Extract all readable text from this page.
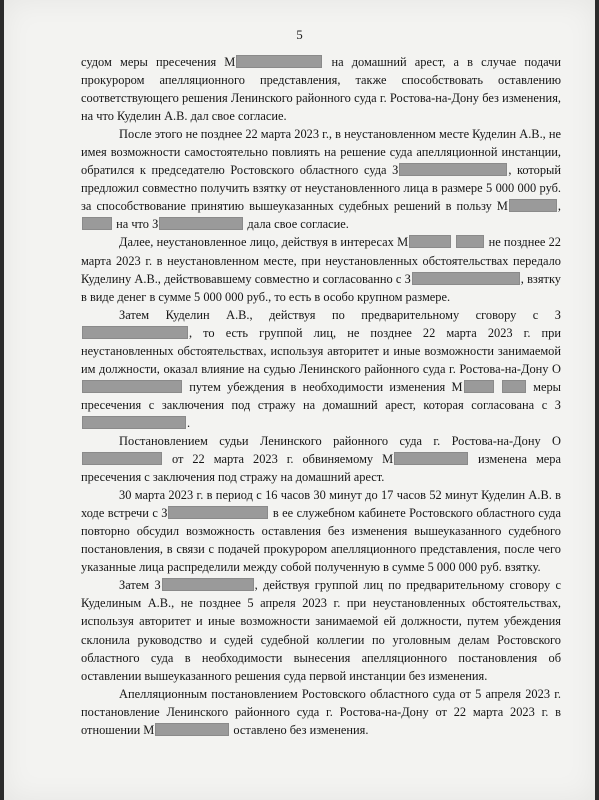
5

судом меры пресечения М	на домашний арест, а в случае подачи прокурором апелляционного представления, также способствовать оставлению соответствующего решения Ленинского районного суда г. Ростова-на-Дону без изменения, на что Куделин А.В. дал свое согласие.

После этого не позднее 22 марта 2023 г., в неустановленном месте Куделин А.В., не имея возможности самостоятельно повлиять на решение суда апелляционной инстанции, обратился к председателю Ростовского областного суда З	, который предложил совместно получить взятку от неустановленного лица в размере 5 000 000 руб. за способствование принятию вышеуказанных судебных решений в пользу М	,  на что З	дала свое согласие.

Далее, неустановленное лицо, действуя в интересах М	не позднее 22 марта 2023 г. в неустановленном месте, при неустановленных обстоятельствах передало Куделину А.В., действовавшему совместно и согласованно с З	, взятку в виде денег в сумме 5 000 000 руб., то есть в особо крупном размере.

Затем Куделин А.В., действуя по предварительному сговору с З, то есть группой лиц, не позднее 22 марта 2023 г. при неустановленных обстоятельствах, используя авторитет и иные возможности занимаемой им должности, оказал влияние на судью Ленинского районного суда г. Ростова-на-Дону О путем убеждения в необходимости изменения М	меры пресечения с заключения под стражу на домашний арест, которая согласована с З.

Постановлением судьи Ленинского районного суда г. Ростова-на-Дону О от 22 марта 2023 г. обвиняемому М	изменена мера пресечения с заключения под стражу на домашний арест.

30 марта 2023 г. в период с 16 часов 30 минут до 17 часов 52 минут Куделин А.В. в ходе встречи с З	в ее служебном кабинете Ростовского областного суда повторно обсудил возможность оставления без изменения вышеуказанного судебного постановления, в связи с подачей прокурором апелляционного представления, после чего указанные лица распределили между собой полученную в сумме 5 000 000 руб. взятку.

Затем З	, действуя группой лиц по предварительному сговору с Куделиным А.В., не позднее 5 апреля 2023 г. при неустановленных обстоятельствах, используя авторитет и иные возможности занимаемой ей должности, путем убеждения склонила руководство и судей судебной коллегии по уголовным делам Ростовского областного суда в необходимости вынесения апелляционного постановления об оставлении вышеуказанного решения суда первой инстанции без изменения.

Апелляционным постановлением Ростовского областного суда от 5 апреля 2023 г. постановление Ленинского районного суда г. Ростова-на-Дону от 22 марта 2023 г. в отношении М	оставлено без изменения.
